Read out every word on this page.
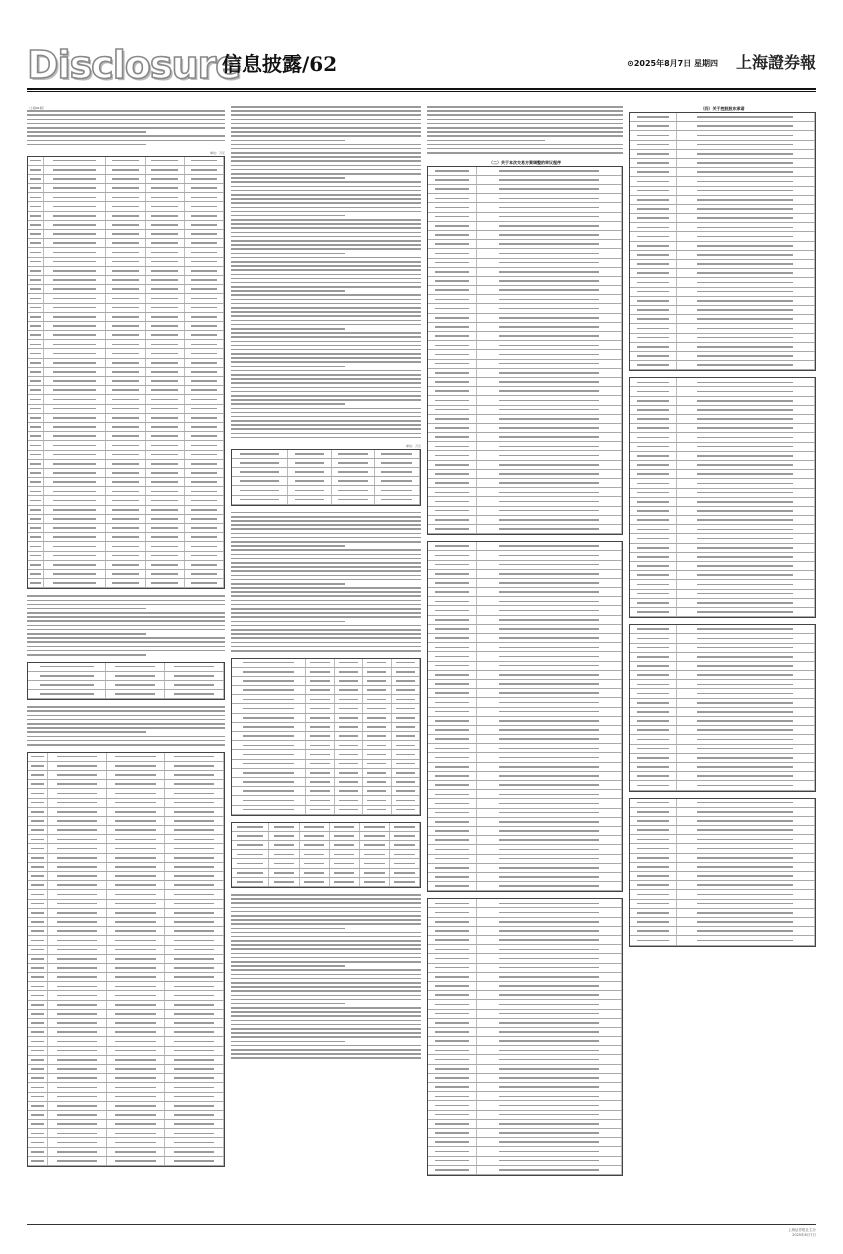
Disclosure
信息披露/62	⊙2025年8月7日 星期四 上海證券報
（上接61版）
单位：万元
单位：万元
（二）关于本次交易方案调整的审议程序
（四）关于控股股东承诺
上海证券报社主办
2025年8月7日
